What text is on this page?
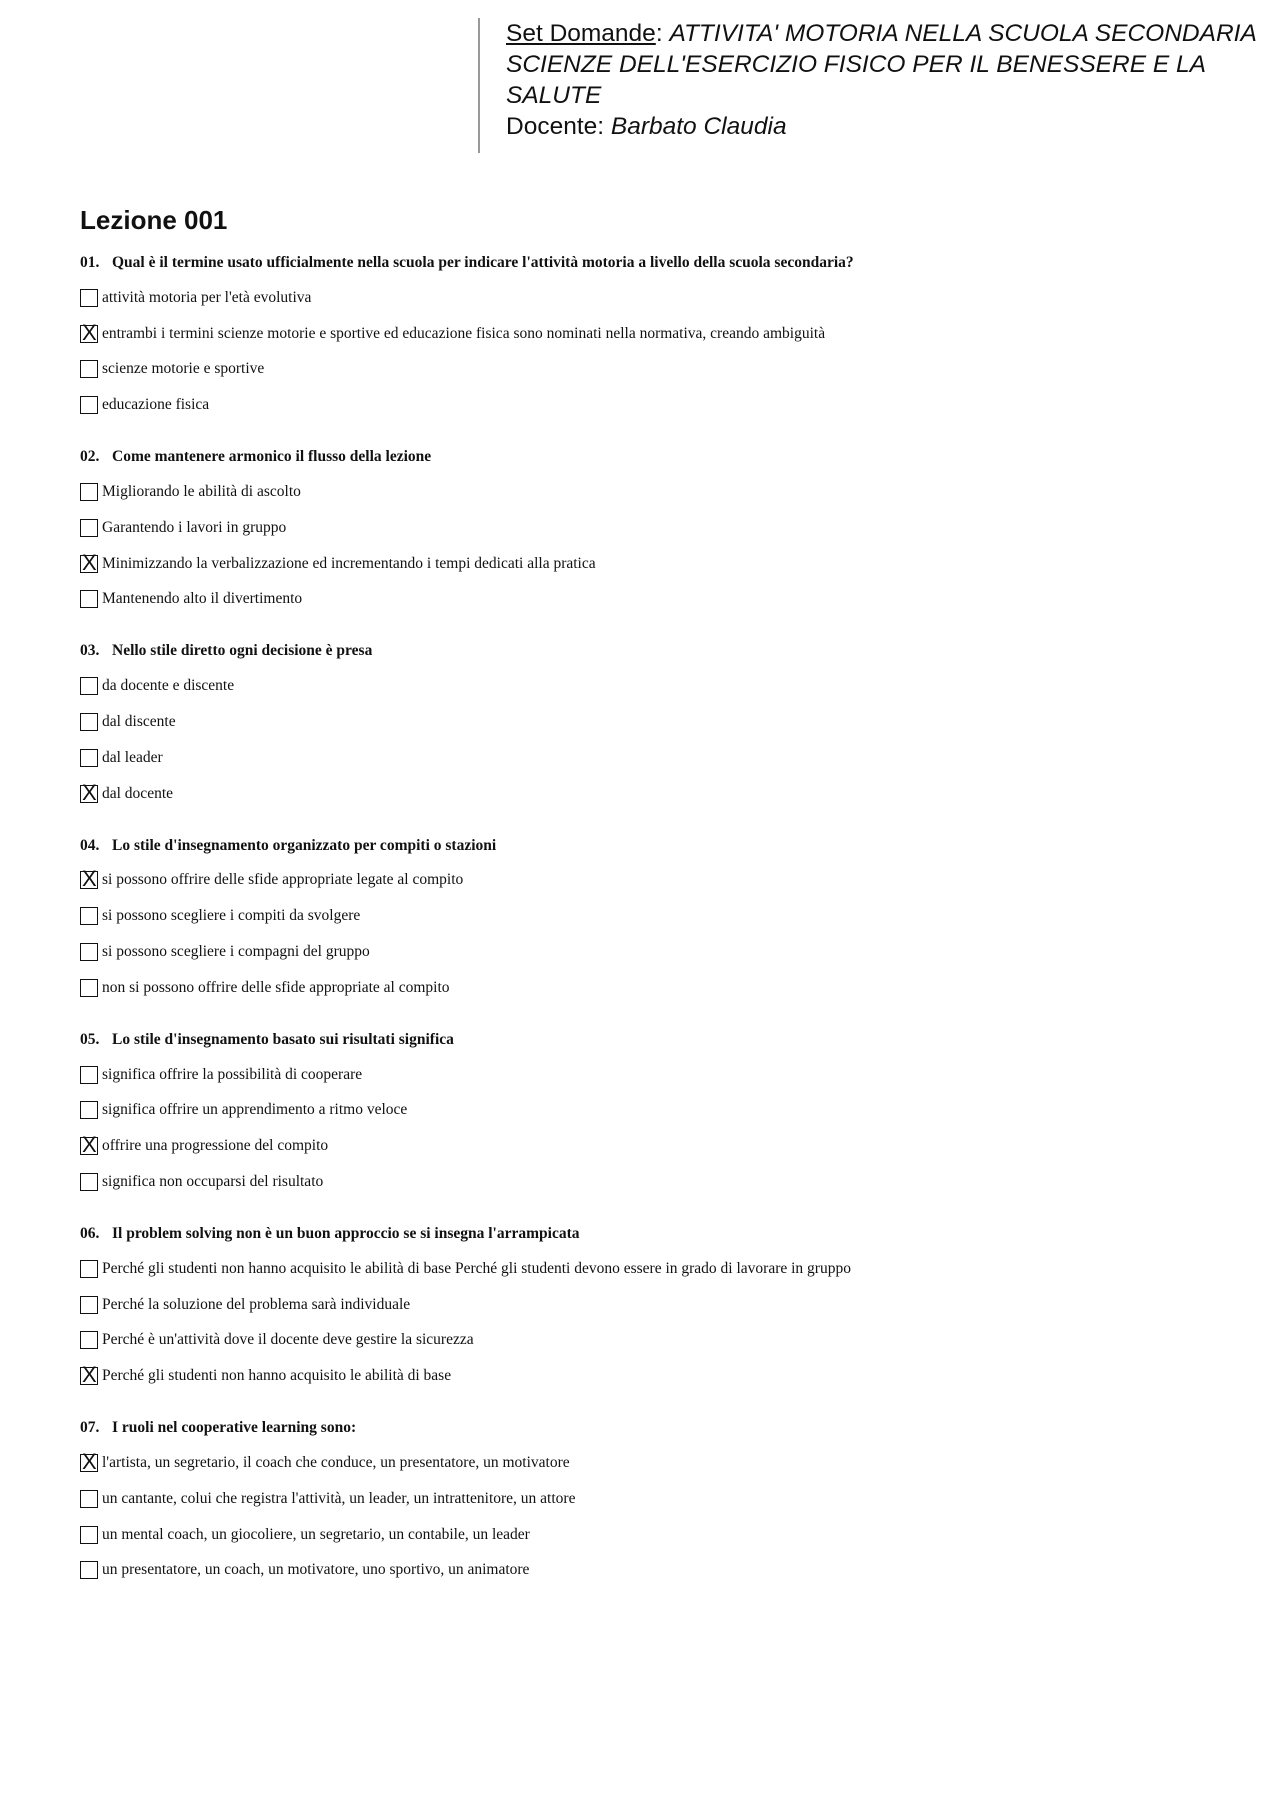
Set Domande: ATTIVITA' MOTORIA NELLA SCUOLA SECONDARIA
SCIENZE DELL'ESERCIZIO FISICO PER IL BENESSERE E LA
SALUTE
Docente: Barbato Claudia
Lezione 001
01. Qual è il termine usato ufficialmente nella scuola per indicare l'attività motoria a livello della scuola secondaria?
attività motoria per l'età evolutiva
X entrambi i termini scienze motorie e sportive ed educazione fisica sono nominati nella normativa, creando ambiguità
scienze motorie e sportive
educazione fisica
02. Come mantenere armonico il flusso della lezione
Migliorando le abilità di ascolto
Garantendo i lavori in gruppo
X Minimizzando la verbalizzazione ed incrementando i tempi dedicati alla pratica
Mantenendo alto il divertimento
03. Nello stile diretto ogni decisione è presa
da docente e discente
dal discente
dal leader
X dal docente
04. Lo stile d'insegnamento organizzato per compiti o stazioni
X si possono offrire delle sfide appropriate legate al compito
si possono scegliere i compiti da svolgere
si possono scegliere i compagni del gruppo
non si possono offrire delle sfide appropriate al compito
05. Lo stile d'insegnamento basato sui risultati significa
significa offrire la possibilità di cooperare
significa offrire un apprendimento a ritmo veloce
X offrire una progressione del compito
significa non occuparsi del risultato
06. Il problem solving non è un buon approccio se si insegna l'arrampicata
Perché gli studenti non hanno acquisito le abilità di base Perché gli studenti devono essere in grado di lavorare in gruppo
Perché la soluzione del problema sarà individuale
Perché è un'attività dove il docente deve gestire la sicurezza
X Perché gli studenti non hanno acquisito le abilità di base
07. I ruoli nel cooperative learning sono:
X l'artista, un segretario, il coach che conduce, un presentatore, un motivatore
un cantante, colui che registra l'attività, un leader, un intrattenitore, un attore
un mental coach, un giocoliere, un segretario, un contabile, un leader
un presentatore, un coach, un motivatore, uno sportivo, un animatore
